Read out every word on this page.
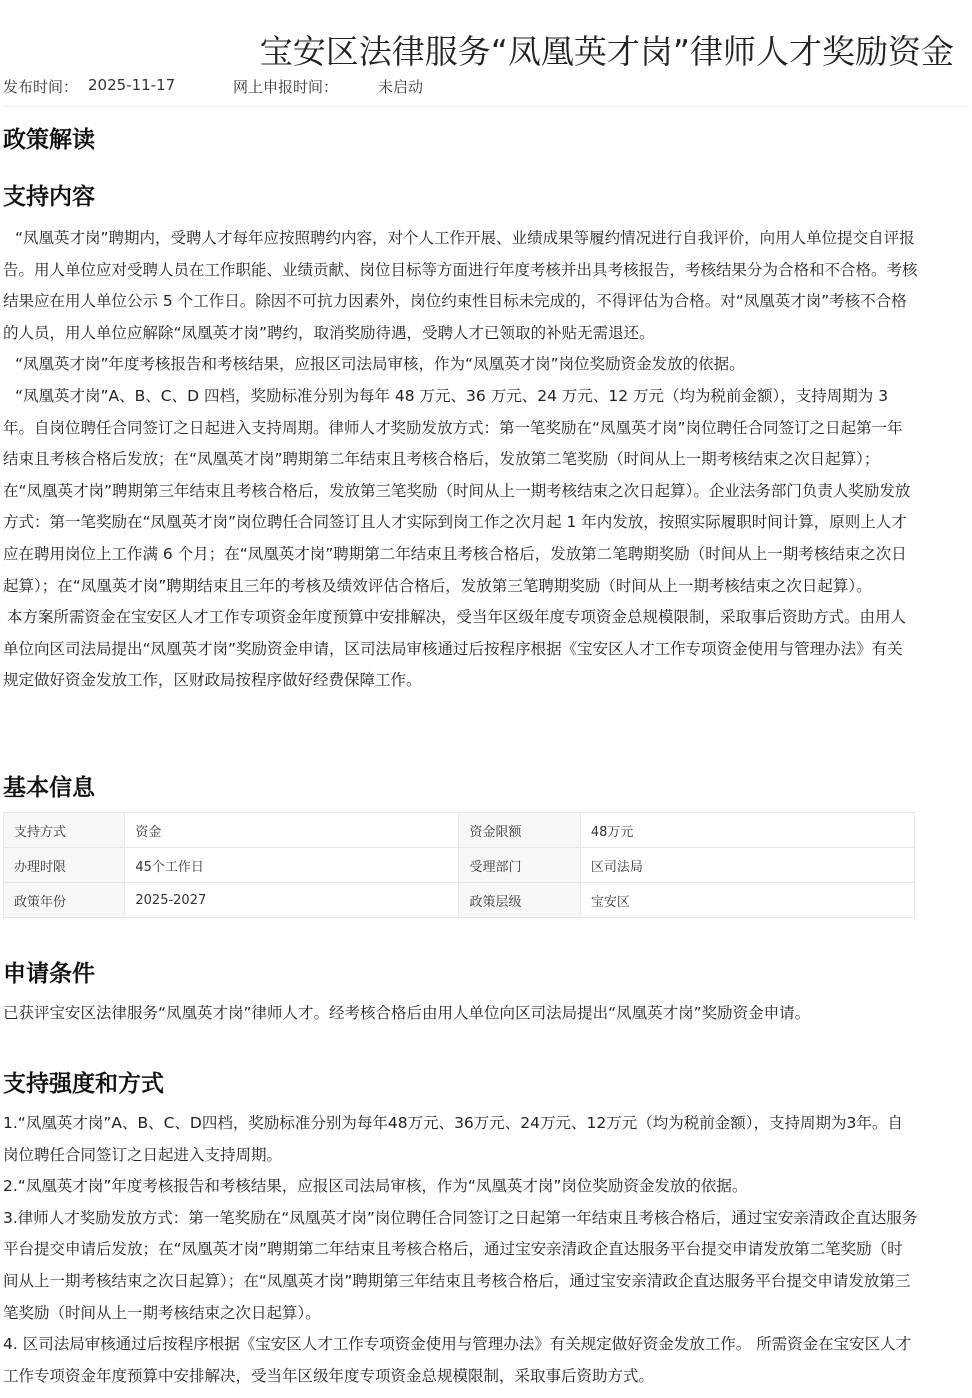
宝安区法律服务“凤凰英才岗”律师人才奖励资金
发布时间： 2025-11-17	网上申报时间：	未启动
政策解读
支持内容

“凤凰英才岗”聘期内，受聘人才每年应按照聘约内容，对个人工作开展、业绩成果等履约情况进行自我评价，向用人单位提交自评报告。用人单位应对受聘人员在工作职能、业绩贡献、岗位目标等方面进行年度考核并出具考核报告，考核结果分为合格和不合格。考核结果应在用人单位公示 5 个工作日。除因不可抗力因素外，岗位约束性目标未完成的，不得评估为合格。对“凤凰英才岗”考核不合格的人员，用人单位应解除“凤凰英才岗”聘约，取消奖励待遇，受聘人才已领取的补贴无需退还。

“凤凰英才岗”年度考核报告和考核结果，应报区司法局审核，作为“凤凰英才岗”岗位奖励资金发放的依据。

“凤凰英才岗”A、B、C、D 四档，奖励标准分别为每年 48 万元、36 万元、24 万元、12 万元（均为税前金额），支持周期为 3 年。自岗位聘任合同签订之日起进入支持周期。律师人才奖励发放方式：第一笔奖励在“凤凰英才岗”岗位聘任合同签订之日起第一年结束且考核合格后发放；在“凤凰英才岗”聘期第二年结束且考核合格后，发放第二笔奖励（时间从上一期考核结束之次日起算）；在“凤凰英才岗”聘期第三年结束且考核合格后，发放第三笔奖励（时间从上一期考核结束之次日起算）。企业法务部门负责人奖励发放方式：第一笔奖励在“凤凰英才岗”岗位聘任合同签订且人才实际到岗工作之次月起 1 年内发放，按照实际履职时间计算，原则上人才应在聘用岗位上工作满 6 个月；在“凤凰英才岗”聘期第二年结束且考核合格后，发放第二笔聘期奖励（时间从上一期考核结束之次日起算）；在“凤凰英才岗”聘期结束且三年的考核及绩效评估合格后，发放第三笔聘期奖励（时间从上一期考核结束之次日起算）。

本方案所需资金在宝安区人才工作专项资金年度预算中安排解决，受当年区级年度专项资金总规模限制，采取事后资助方式。由用人单位向区司法局提出“凤凰英才岗”奖励资金申请，区司法局审核通过后按程序根据《宝安区人才工作专项资金使用与管理办法》有关规定做好资金发放工作，区财政局按程序做好经费保障工作。

基本信息
支持方式	资金	资金限额	48万元
办理时限	45个工作日	受理部门	区司法局
政策年份	2025-2027	政策层级	宝安区
申请条件

已获评宝安区法律服务“凤凰英才岗”律师人才。经考核合格后由用人单位向区司法局提出“凤凰英才岗”奖励资金申请。

支持强度和方式

1.“凤凰英才岗”A、B、C、D四档，奖励标准分别为每年48万元、36万元、24万元、12万元（均为税前金额），支持周期为3年。自岗位聘任合同签订之日起进入支持周期。

2.“凤凰英才岗”年度考核报告和考核结果，应报区司法局审核，作为“凤凰英才岗”岗位奖励资金发放的依据。

3.律师人才奖励发放方式：第一笔奖励在“凤凰英才岗”岗位聘任合同签订之日起第一年结束且考核合格后，通过宝安亲清政企直达服务平台提交申请后发放；在“凤凰英才岗”聘期第二年结束且考核合格后，通过宝安亲清政企直达服务平台提交申请发放第二笔奖励（时间从上一期考核结束之次日起算）；在“凤凰英才岗”聘期第三年结束且考核合格后，通过宝安亲清政企直达服务平台提交申请发放第三笔奖励（时间从上一期考核结束之次日起算）。

4. 区司法局审核通过后按程序根据《宝安区人才工作专项资金使用与管理办法》有关规定做好资金发放工作。 所需资金在宝安区人才工作专项资金年度预算中安排解决，受当年区级年度专项资金总规模限制，采取事后资助方式。
